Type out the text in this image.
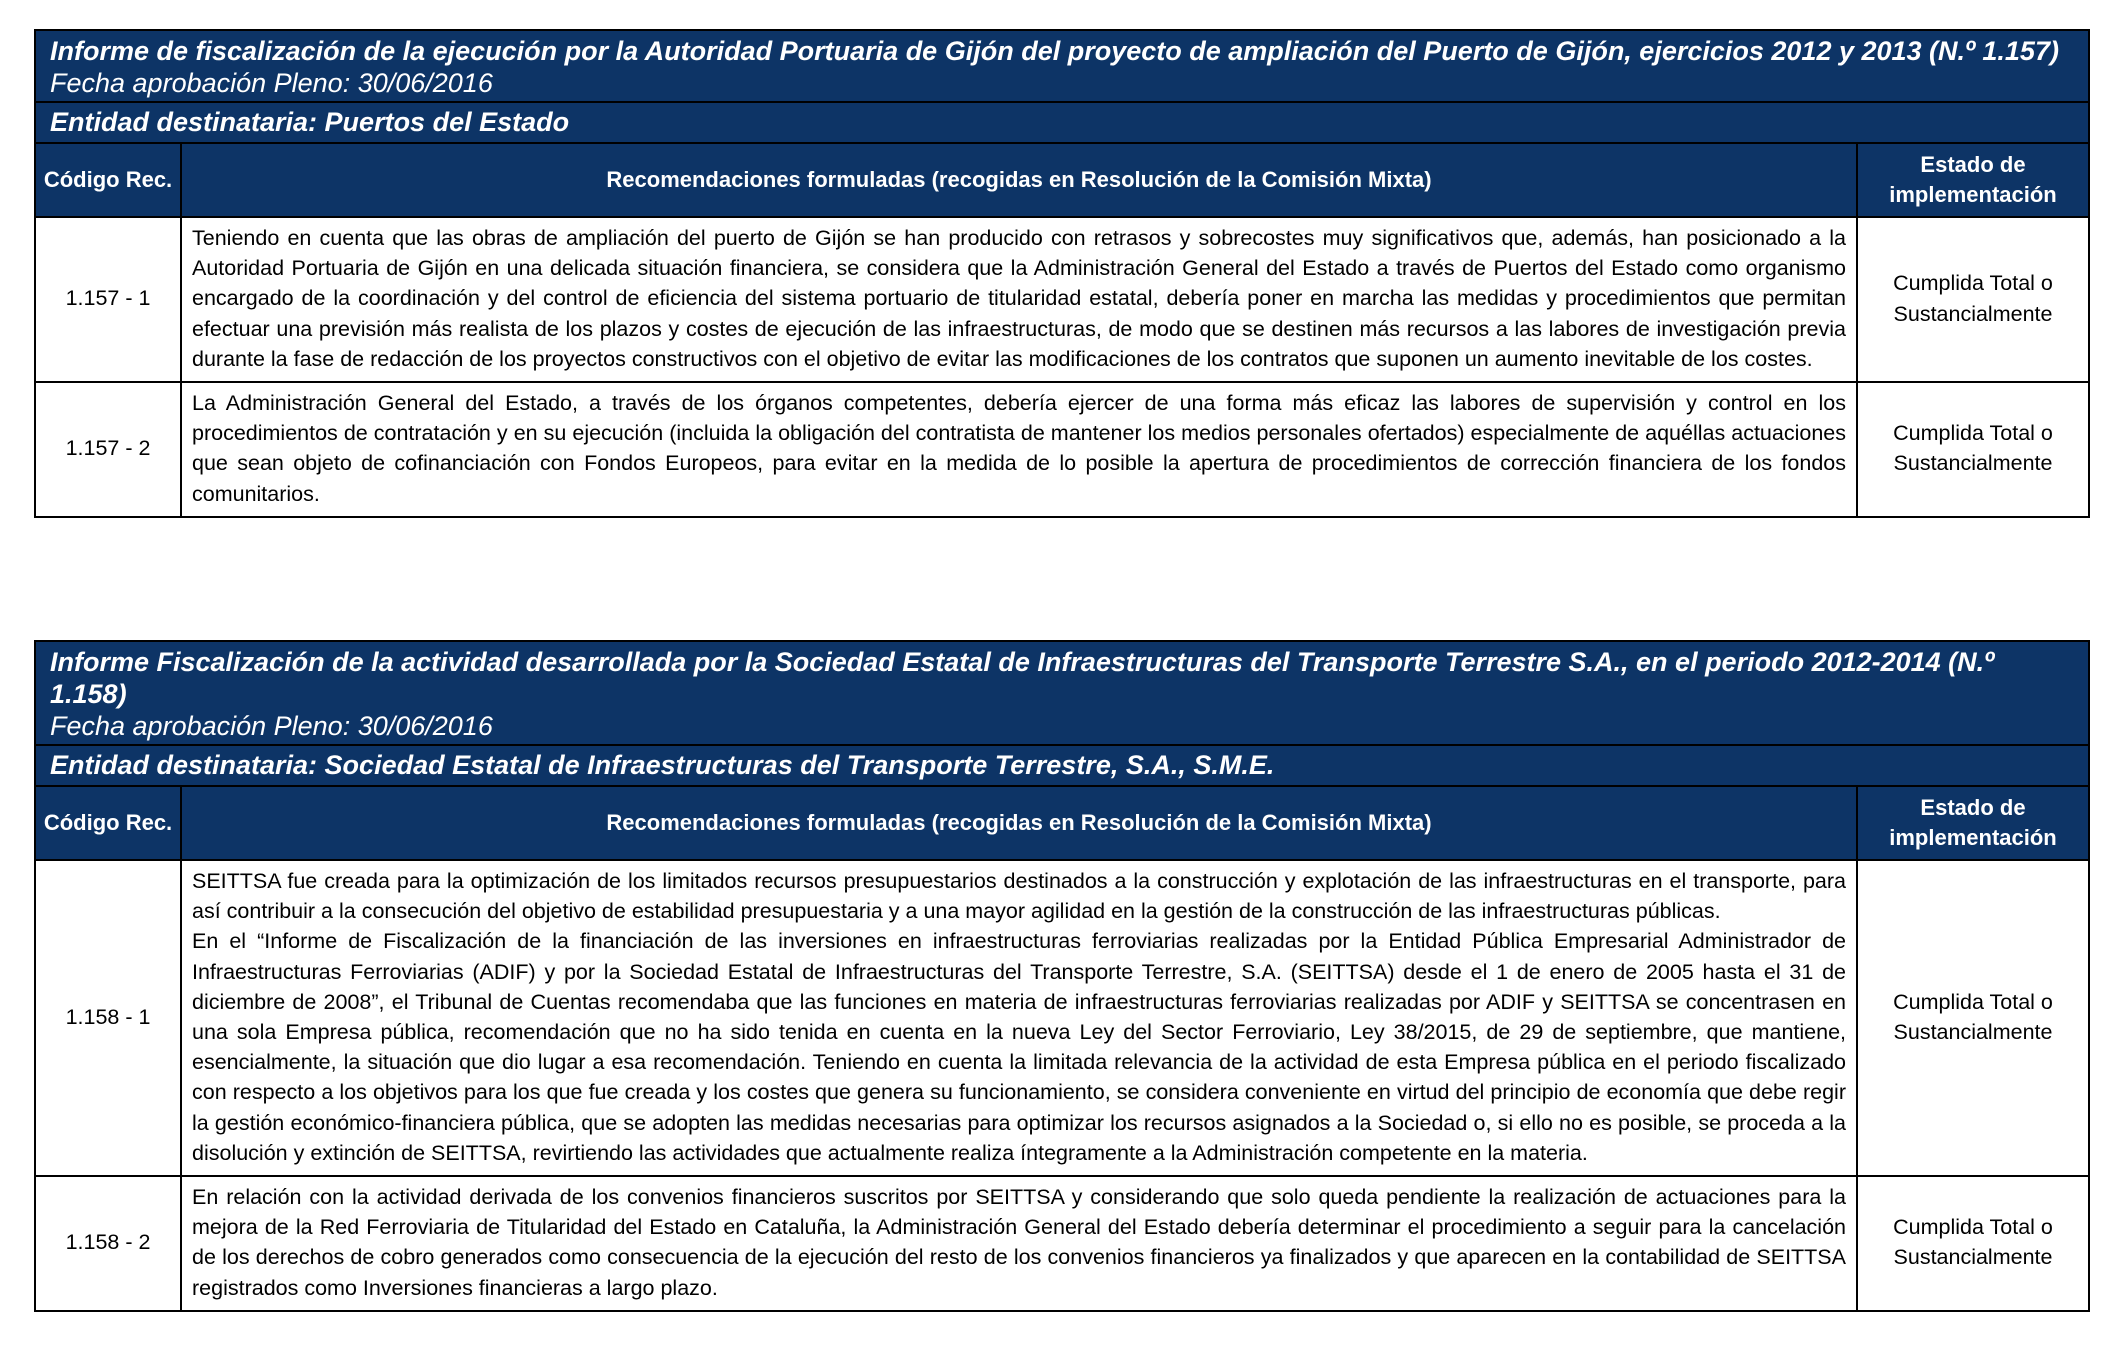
Informe de fiscalización de la ejecución por la Autoridad Portuaria de Gijón del proyecto de ampliación del Puerto de Gijón, ejercicios 2012 y 2013 (N.º 1.157)
Fecha aprobación Pleno: 30/06/2016
Entidad destinataria: Puertos del Estado
Código Rec.	Recomendaciones formuladas (recogidas en Resolución de la Comisión Mixta)	Estado de implementación
1.157 - 1	Teniendo en cuenta que las obras de ampliación del puerto de Gijón se han producido con retrasos y sobrecostes muy significativos que, además, han posicionado a la Autoridad Portuaria de Gijón en una delicada situación financiera, se considera que la Administración General del Estado a través de Puertos del Estado como organismo encargado de la coordinación y del control de eficiencia del sistema portuario de titularidad estatal, debería poner en marcha las medidas y procedimientos que permitan efectuar una previsión más realista de los plazos y costes de ejecución de las infraestructuras, de modo que se destinen más recursos a las labores de investigación previa durante la fase de redacción de los proyectos constructivos con el objetivo de evitar las modificaciones de los contratos que suponen un aumento inevitable de los costes.	Cumplida Total o Sustancialmente
1.157 - 2	La Administración General del Estado, a través de los órganos competentes, debería ejercer de una forma más eficaz las labores de supervisión y control en los procedimientos de contratación y en su ejecución (incluida la obligación del contratista de mantener los medios personales ofertados) especialmente de aquéllas actuaciones que sean objeto de cofinanciación con Fondos Europeos, para evitar en la medida de lo posible la apertura de procedimientos de corrección financiera de los fondos comunitarios.	Cumplida Total o Sustancialmente
Informe Fiscalización de la actividad desarrollada por la Sociedad Estatal de Infraestructuras del Transporte Terrestre S.A., en el periodo 2012-2014 (N.º 1.158)
Fecha aprobación Pleno: 30/06/2016
Entidad destinataria: Sociedad Estatal de Infraestructuras del Transporte Terrestre, S.A., S.M.E.
Código Rec.	Recomendaciones formuladas (recogidas en Resolución de la Comisión Mixta)	Estado de implementación
1.158 - 1	SEITTSA fue creada para la optimización de los limitados recursos presupuestarios destinados a la construcción y explotación de las infraestructuras en el transporte, para así contribuir a la consecución del objetivo de estabilidad presupuestaria y a una mayor agilidad en la gestión de la construcción de las infraestructuras públicas.

En el “Informe de Fiscalización de la financiación de las inversiones en infraestructuras ferroviarias realizadas por la Entidad Pública Empresarial Administrador de Infraestructuras Ferroviarias (ADIF) y por la Sociedad Estatal de Infraestructuras del Transporte Terrestre, S.A. (SEITTSA) desde el 1 de enero de 2005 hasta el 31 de diciembre de 2008”, el Tribunal de Cuentas recomendaba que las funciones en materia de infraestructuras ferroviarias realizadas por ADIF y SEITTSA se concentrasen en una sola Empresa pública, recomendación que no ha sido tenida en cuenta en la nueva Ley del Sector Ferroviario, Ley 38/2015, de 29 de septiembre, que mantiene, esencialmente, la situación que dio lugar a esa recomendación. Teniendo en cuenta la limitada relevancia de la actividad de esta Empresa pública en el periodo fiscalizado con respecto a los objetivos para los que fue creada y los costes que genera su funcionamiento, se considera conveniente en virtud del principio de economía que debe regir la gestión económico-financiera pública, que se adopten las medidas necesarias para optimizar los recursos asignados a la Sociedad o, si ello no es posible, se proceda a la disolución y extinción de SEITTSA, revirtiendo las actividades que actualmente realiza íntegramente a la Administración competente en la materia.	Cumplida Total o Sustancialmente
1.158 - 2	En relación con la actividad derivada de los convenios financieros suscritos por SEITTSA y considerando que solo queda pendiente la realización de actuaciones para la mejora de la Red Ferroviaria de Titularidad del Estado en Cataluña, la Administración General del Estado debería determinar el procedimiento a seguir para la cancelación de los derechos de cobro generados como consecuencia de la ejecución del resto de los convenios financieros ya finalizados y que aparecen en la contabilidad de SEITTSA registrados como Inversiones financieras a largo plazo.	Cumplida Total o Sustancialmente
